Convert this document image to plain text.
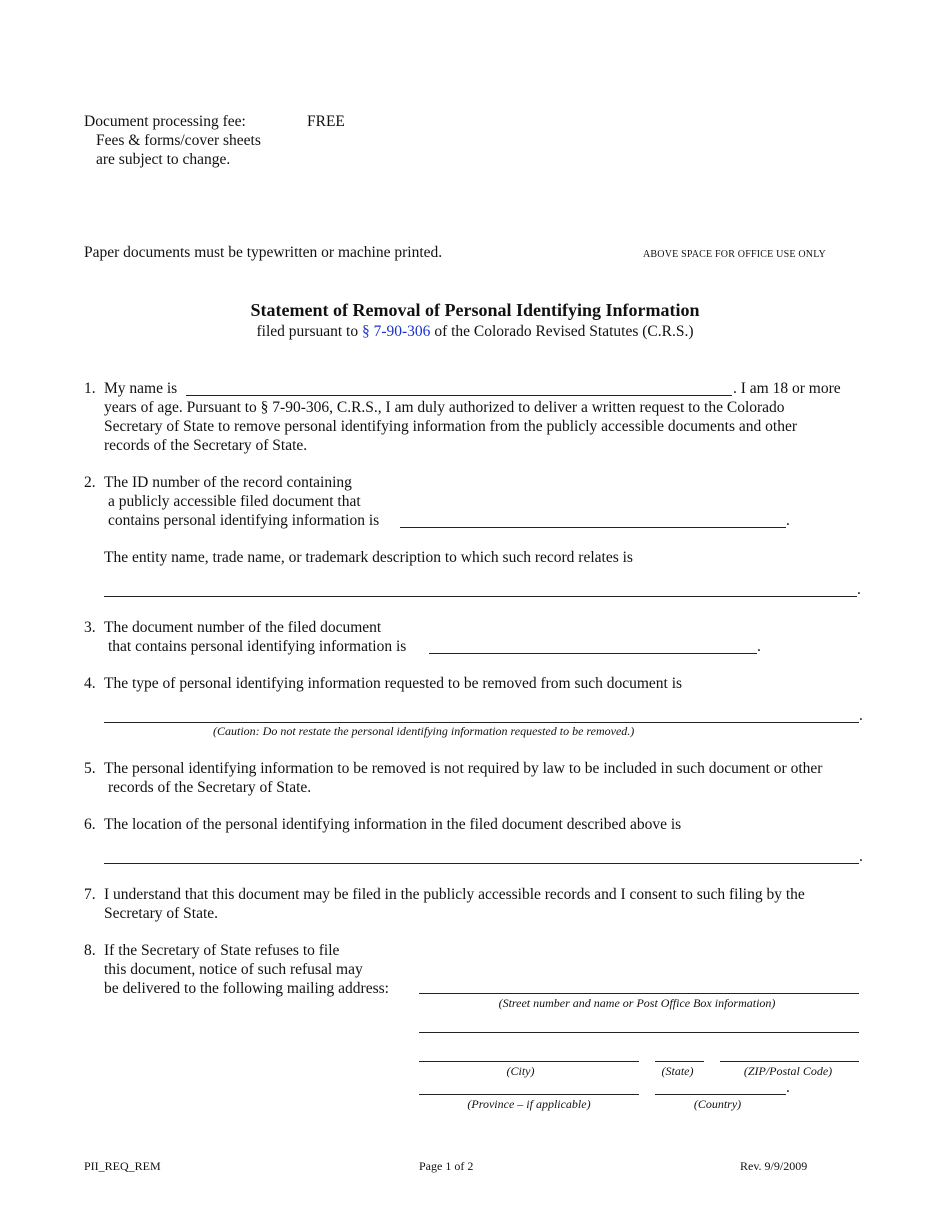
Document processing fee:	FREE
Fees & forms/cover sheets
are subject to change.
Paper documents must be typewritten or machine printed.	ABOVE SPACE FOR OFFICE USE ONLY
Statement of Removal of Personal Identifying Information
filed pursuant to § 7-90-306 of the Colorado Revised Statutes (C.R.S.)
1. My name is	. I am 18 or more
years of age. Pursuant to § 7-90-306, C.R.S., I am duly authorized to deliver a written request to the Colorado
Secretary of State to remove personal identifying information from the publicly accessible documents and other
records of the Secretary of State.
2. The ID number of the record containing
a publicly accessible filed document that
contains personal identifying information is	.
The entity name, trade name, or trademark description to which such record relates is
.
3. The document number of the filed document
that contains personal identifying information is	.
4. The type of personal identifying information requested to be removed from such document is
.
(Caution: Do not restate the personal identifying information requested to be removed.)
5. The personal identifying information to be removed is not required by law to be included in such document or other
records of the Secretary of State.
6. The location of the personal identifying information in the filed document described above is
.
7. I understand that this document may be filed in the publicly accessible records and I consent to such filing by the
Secretary of State.
8. If the Secretary of State refuses to file
this document, notice of such refusal may
be delivered to the following mailing address:
(Street number and name or Post Office Box information)
(City)	(State)	(ZIP/Postal Code)
.
(Province – if applicable)	(Country)
PII_REQ_REM	Page 1 of 2	Rev. 9/9/2009
